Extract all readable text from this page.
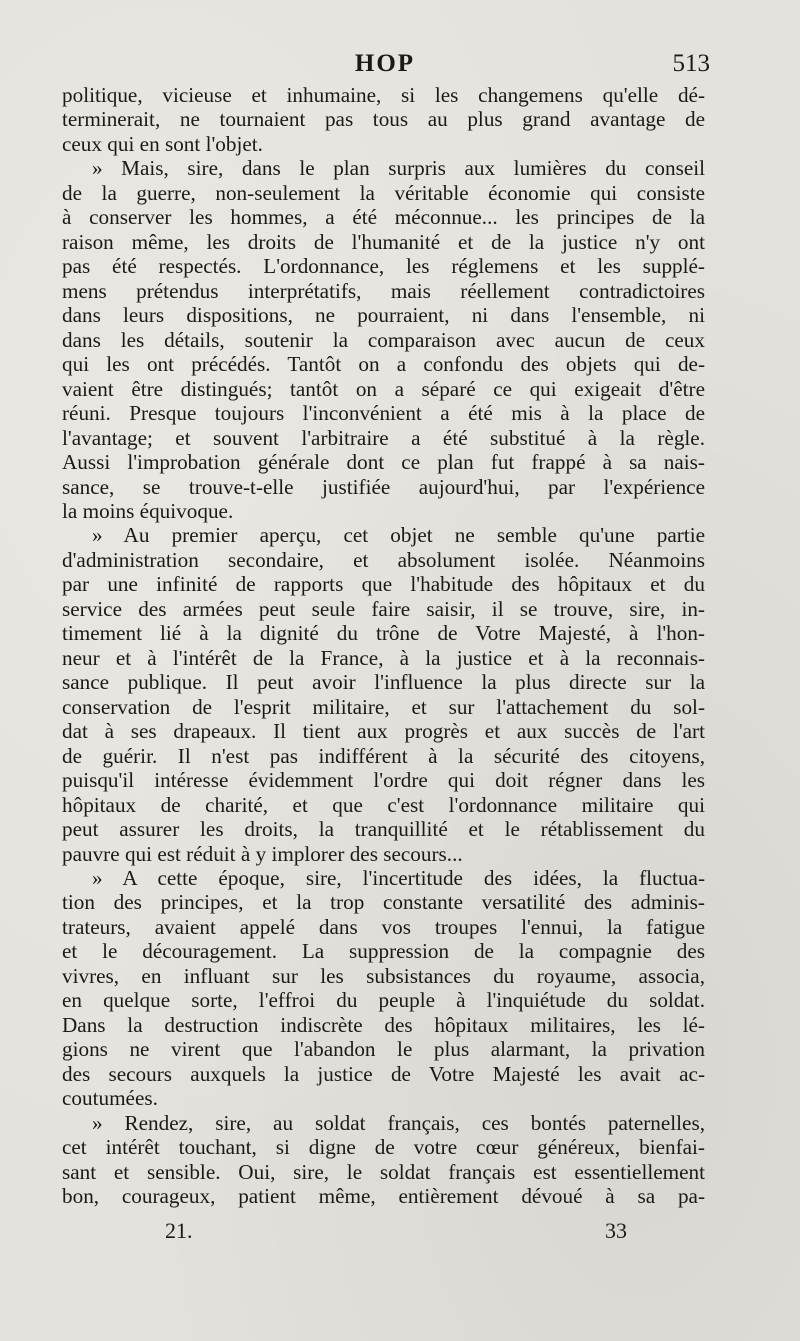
HOP	513
politique, vicieuse et inhumaine, si les changemens qu'elle dé-
terminerait, ne tournaient pas tous au plus grand avantage de
ceux qui en sont l'objet.
» Mais, sire, dans le plan surpris aux lumières du conseil
de la guerre, non-seulement la véritable économie qui consiste
à conserver les hommes, a été méconnue... les principes de la
raison même, les droits de l'humanité et de la justice n'y ont
pas été respectés. L'ordonnance, les réglemens et les supplé-
mens prétendus interprétatifs, mais réellement contradictoires
dans leurs dispositions, ne pourraient, ni dans l'ensemble, ni
dans les détails, soutenir la comparaison avec aucun de ceux
qui les ont précédés. Tantôt on a confondu des objets qui de-
vaient être distingués; tantôt on a séparé ce qui exigeait d'être
réuni. Presque toujours l'inconvénient a été mis à la place de
l'avantage; et souvent l'arbitraire a été substitué à la règle.
Aussi l'improbation générale dont ce plan fut frappé à sa nais-
sance, se trouve-t-elle justifiée aujourd'hui, par l'expérience
la moins équivoque.
» Au premier aperçu, cet objet ne semble qu'une partie
d'administration secondaire, et absolument isolée. Néanmoins
par une infinité de rapports que l'habitude des hôpitaux et du
service des armées peut seule faire saisir, il se trouve, sire, in-
timement lié à la dignité du trône de Votre Majesté, à l'hon-
neur et à l'intérêt de la France, à la justice et à la reconnais-
sance publique. Il peut avoir l'influence la plus directe sur la
conservation de l'esprit militaire, et sur l'attachement du sol-
dat à ses drapeaux. Il tient aux progrès et aux succès de l'art
de guérir. Il n'est pas indifférent à la sécurité des citoyens,
puisqu'il intéresse évidemment l'ordre qui doit régner dans les
hôpitaux de charité, et que c'est l'ordonnance militaire qui
peut assurer les droits, la tranquillité et le rétablissement du
pauvre qui est réduit à y implorer des secours...
» A cette époque, sire, l'incertitude des idées, la fluctua-
tion des principes, et la trop constante versatilité des adminis-
trateurs, avaient appelé dans vos troupes l'ennui, la fatigue
et le découragement. La suppression de la compagnie des
vivres, en influant sur les subsistances du royaume, associa,
en quelque sorte, l'effroi du peuple à l'inquiétude du soldat.
Dans la destruction indiscrète des hôpitaux militaires, les lé-
gions ne virent que l'abandon le plus alarmant, la privation
des secours auxquels la justice de Votre Majesté les avait ac-
coutumées.
» Rendez, sire, au soldat français, ces bontés paternelles,
cet intérêt touchant, si digne de votre cœur généreux, bienfai-
sant et sensible. Oui, sire, le soldat français est essentiellement
bon, courageux, patient même, entièrement dévoué à sa pa-
21.	33
